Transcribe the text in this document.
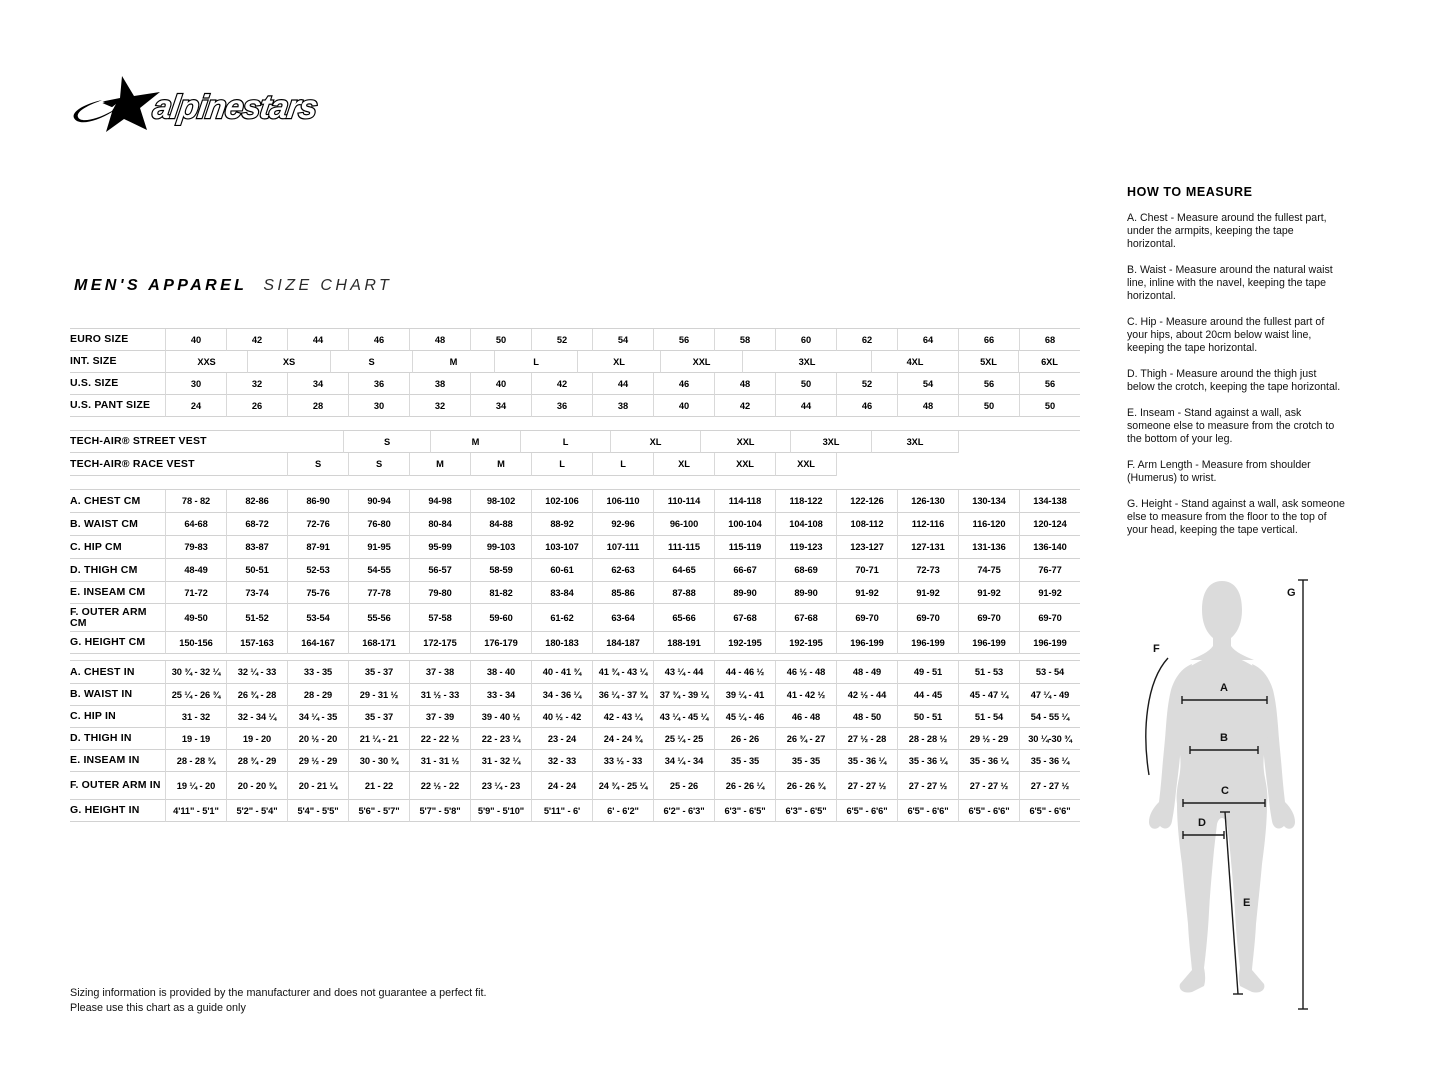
alpinestars
MEN'S APPAREL SIZE CHART
EURO SIZE	40	42	44	46	48	50	52	54	56	58	60	62	64	66	68
INT. SIZE	XXS	XS	S	M	L	XL	XXL	3XL	4XL	5XL	6XL
U.S. SIZE	30	32	34	36	38	40	42	44	46	48	50	52	54	56	56
U.S. PANT SIZE	24	26	28	30	32	34	36	38	40	42	44	46	48	50	50
TECH-AIR® STREET VEST	S	M	L	XL	XXL	3XL	3XL
TECH-AIR® RACE VEST	S	S	M	M	L	L	XL	XXL	XXL
A. CHEST CM	78 - 82	82-86	86-90	90-94	94-98	98-102	102-106	106-110	110-114	114-118	118-122	122-126	126-130	130-134	134-138
B. WAIST CM	64-68	68-72	72-76	76-80	80-84	84-88	88-92	92-96	96-100	100-104	104-108	108-112	112-116	116-120	120-124
C. HIP CM	79-83	83-87	87-91	91-95	95-99	99-103	103-107	107-111	111-115	115-119	119-123	123-127	127-131	131-136	136-140
D. THIGH CM	48-49	50-51	52-53	54-55	56-57	58-59	60-61	62-63	64-65	66-67	68-69	70-71	72-73	74-75	76-77
E. INSEAM CM	71-72	73-74	75-76	77-78	79-80	81-82	83-84	85-86	87-88	89-90	89-90	91-92	91-92	91-92	91-92
F. OUTER ARM CM	49-50	51-52	53-54	55-56	57-58	59-60	61-62	63-64	65-66	67-68	67-68	69-70	69-70	69-70	69-70
G. HEIGHT CM	150-156	157-163	164-167	168-171	172-175	176-179	180-183	184-187	188-191	192-195	192-195	196-199	196-199	196-199	196-199
A. CHEST IN	30 ¾ - 32 ¼	32 ¼ - 33	33 - 35	35 - 37	37 - 38	38 - 40	40 - 41 ¾	41 ¾ - 43 ¼	43 ¼ - 44	44 - 46 ½	46 ½ - 48	48 - 49	49 - 51	51 - 53	53 - 54
B. WAIST IN	25 ¼ - 26 ¾	26 ¾ - 28	28 - 29	29 - 31 ½	31 ½ - 33	33 - 34	34 - 36 ¼	36 ¼ - 37 ¾	37 ¾ - 39 ¼	39 ¼ - 41	41 - 42 ½	42 ½ - 44	44 - 45	45 - 47 ¼	47 ¼ - 49
C. HIP IN	31 - 32	32 - 34 ¼	34 ¼ - 35	35 - 37	37 - 39	39 - 40 ½	40 ½ - 42	42 - 43 ¼	43 ¼ - 45 ¼	45 ¼ - 46	46 - 48	48 - 50	50 - 51	51 - 54	54 - 55 ¼
D. THIGH IN	19 - 19	19 - 20	20 ½ - 20	21 ¼ - 21	22 - 22 ½	22 - 23 ¼	23 - 24	24 - 24 ¾	25 ¼ - 25	26 - 26	26 ¾ - 27	27 ½ - 28	28 - 28 ½	29 ½ - 29	30 ¼-30 ¾
E. INSEAM IN	28 - 28 ¾	28 ¾ - 29	29 ½ - 29	30 - 30 ¾	31 - 31 ½	31 - 32 ¼	32 - 33	33 ½ - 33	34 ¼ - 34	35 - 35	35 - 35	35 - 36 ¼	35 - 36 ¼	35 - 36 ¼	35 - 36 ¼
F. OUTER ARM IN	19 ¼ - 20	20 - 20 ¾	20 - 21 ¼	21 - 22	22 ½ - 22	23 ¼ - 23	24 - 24	24 ¾ - 25 ¼	25 - 26	26 - 26 ¼	26 - 26 ¾	27 - 27 ½	27 - 27 ½	27 - 27 ½	27 - 27 ½
G. HEIGHT IN	4'11" - 5'1"	5'2" - 5'4"	5'4" - 5'5"	5'6" - 5'7"	5'7" - 5'8"	5'9" - 5'10"	5'11" - 6'	6' - 6'2"	6'2" - 6'3"	6'3" - 6'5"	6'3" - 6'5"	6'5" - 6'6"	6'5" - 6'6"	6'5" - 6'6"	6'5" - 6'6"
HOW TO MEASURE
A. Chest - Measure around the fullest part, under the armpits, keeping the tape horizontal.
B. Waist - Measure around the natural waist line, inline with the navel, keeping the tape horizontal.
C. Hip - Measure around the fullest part of your hips, about 20cm below waist line, keeping the tape horizontal.
D. Thigh - Measure around the thigh just below the crotch, keeping the tape horizontal.
E. Inseam - Stand against a wall, ask someone else to measure from the crotch to the bottom of your leg.
F. Arm Length - Measure from shoulder (Humerus) to wrist.
G. Height - Stand against a wall, ask someone else to measure from the floor to the top of your head, keeping the tape vertical.
A
B
C
D
E
F
G
Sizing information is provided by the manufacturer and does not guarantee a perfect fit.
Please use this chart as a guide only
